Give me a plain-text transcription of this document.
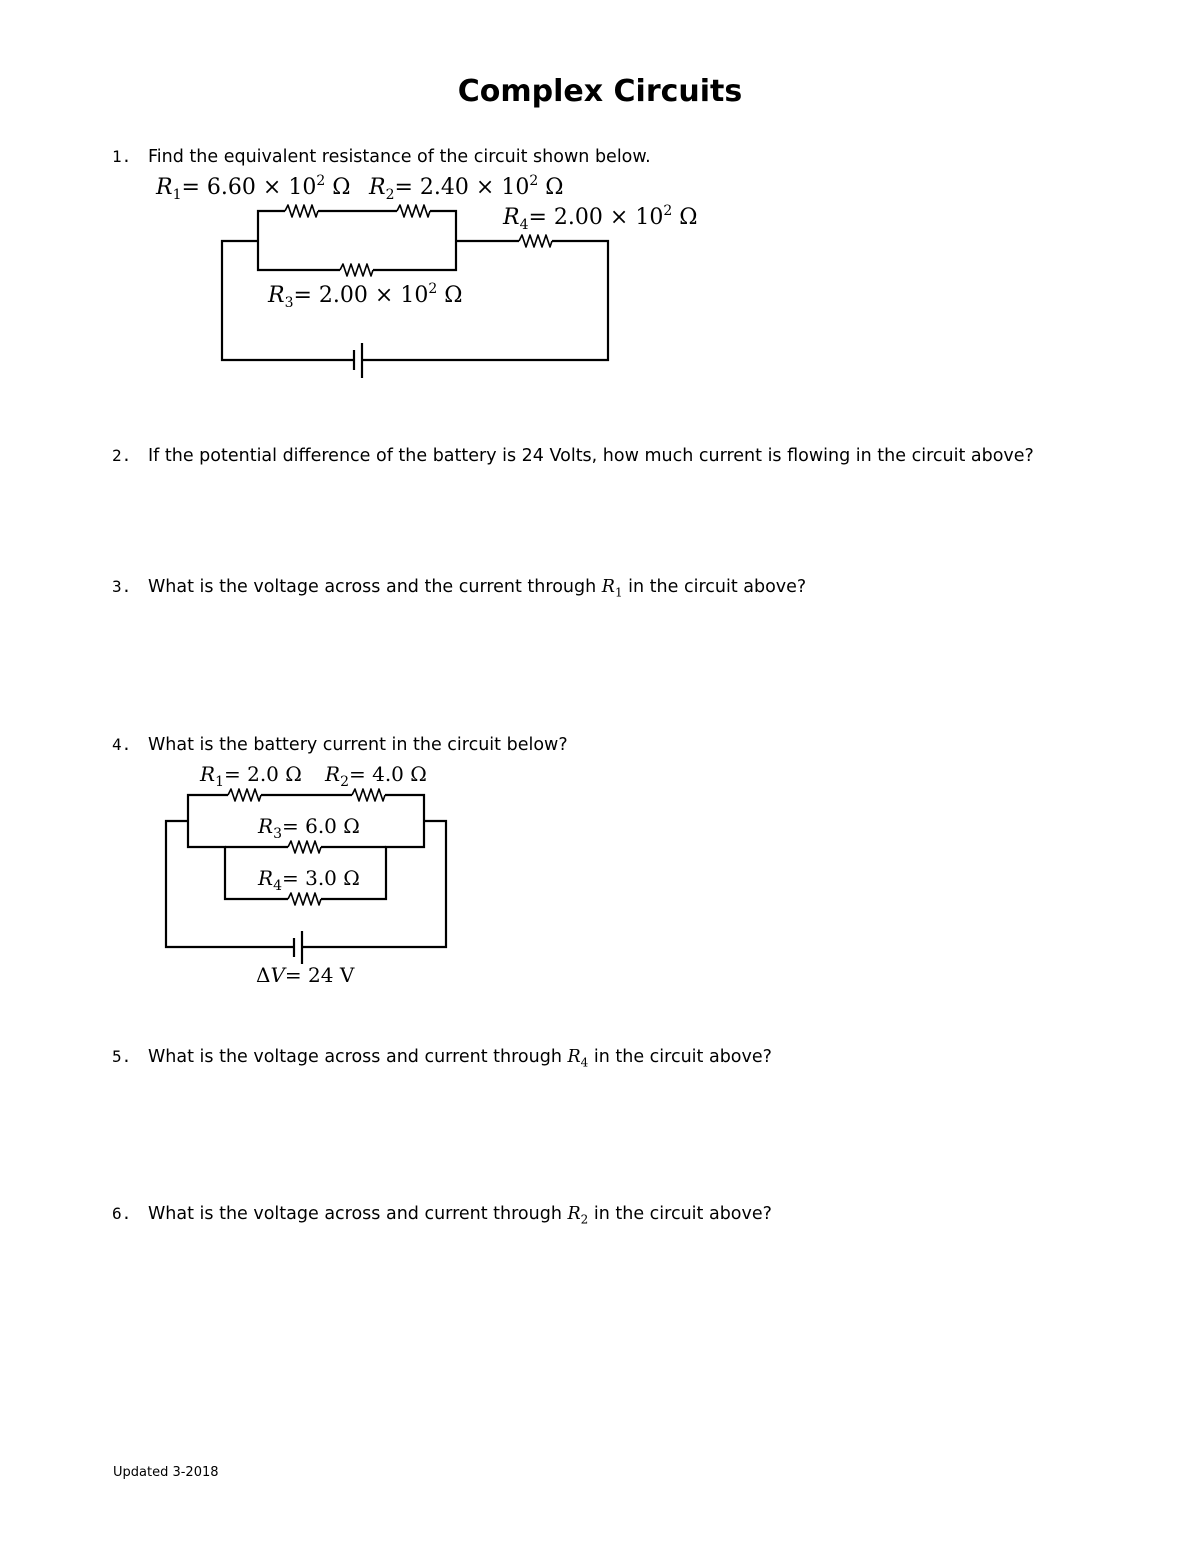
Complex Circuits
1. Find the equivalent resistance of the circuit shown below.
$R_1= 6.60 \times 10^2$ Ω $R_2= 2.40 \times 10^2$ Ω
$R_3= 2.00 \times 10^2$ Ω
$R_4= 2.00 \times 10^2$ Ω
2. If the potential difference of the battery is 24 Volts, how much current is flowing in the circuit above?
3. What is the voltage across and the current through $R_1$ in the circuit above?
4. What is the battery current in the circuit below?
$R_1= 2.0$ Ω $R_2= 4.0$ Ω
$R_3= 6.0$ Ω
$R_4= 3.0$ Ω
ΔV= 24 V
5. What is the voltage across and current through $R_4$ in the circuit above?
6. What is the voltage across and current through $R_2$ in the circuit above?
Updated 3-2018
